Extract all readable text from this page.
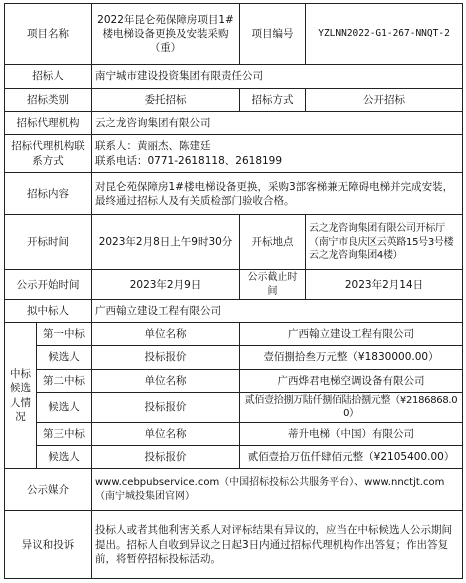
项目名称		2022年昆仑苑保障房项目1#楼电梯设备更换及安装采购（重）	项目编号	YZLNN2022-G1-267-NNQT-2
招标人		南宁城市建设投资集团有限责任公司		
招标类别		委托招标	招标方式	公开招标
招标代理机构		云之龙咨询集团有限公司		
招标代理机构联系方式		联系人：黄丽杰、陈建廷
联系电话：0771-2618118、2618199		

招标内容		对昆仑苑保障房1#楼电梯设备更换，采购3部客梯兼无障碍电梯并完成安装，最终通过招标人及有关质检部门验收合格。		
开标时间		2023年2月8日上午9时30分	开标地点	云之龙咨询集团有限公司开标厅（南宁市良庆区云英路15号3号楼云之龙咨询集团4楼）
公示开始时间		2023年2月9日	公示截止时间	2023年2月14日
拟中标人		广西翰立建设工程有限公司		
中标候选人情况	第一中标	单位名称	广西翰立建设工程有限公司	
	候选人	投标报价	壹佰捌拾叁万元整（¥1830000.00）	
	第二中标	单位名称	广西烨君电梯空调设备有限公司	
	候选人	投标报价	贰佰壹拾捌万陆仟捌佰陆拾捌元整（¥2186868.00）	
	第三中标	单位名称	蒂升电梯（中国）有限公司	
	候选人	投标报价	贰佰壹拾万伍仟肆佰元整（¥2105400.00）	
公示媒介		www.cebpubservice.com（中国招标投标公共服务平台）、www.nnctjt.com（南宁城投集团官网）		
异议和投诉		投标人或者其他利害关系人对评标结果有异议的，应当在中标候选人公示期间提出。招标人自收到异议之日起3日内通过招标代理机构作出答复；作出答复前，将暂停招标投标活动。		
